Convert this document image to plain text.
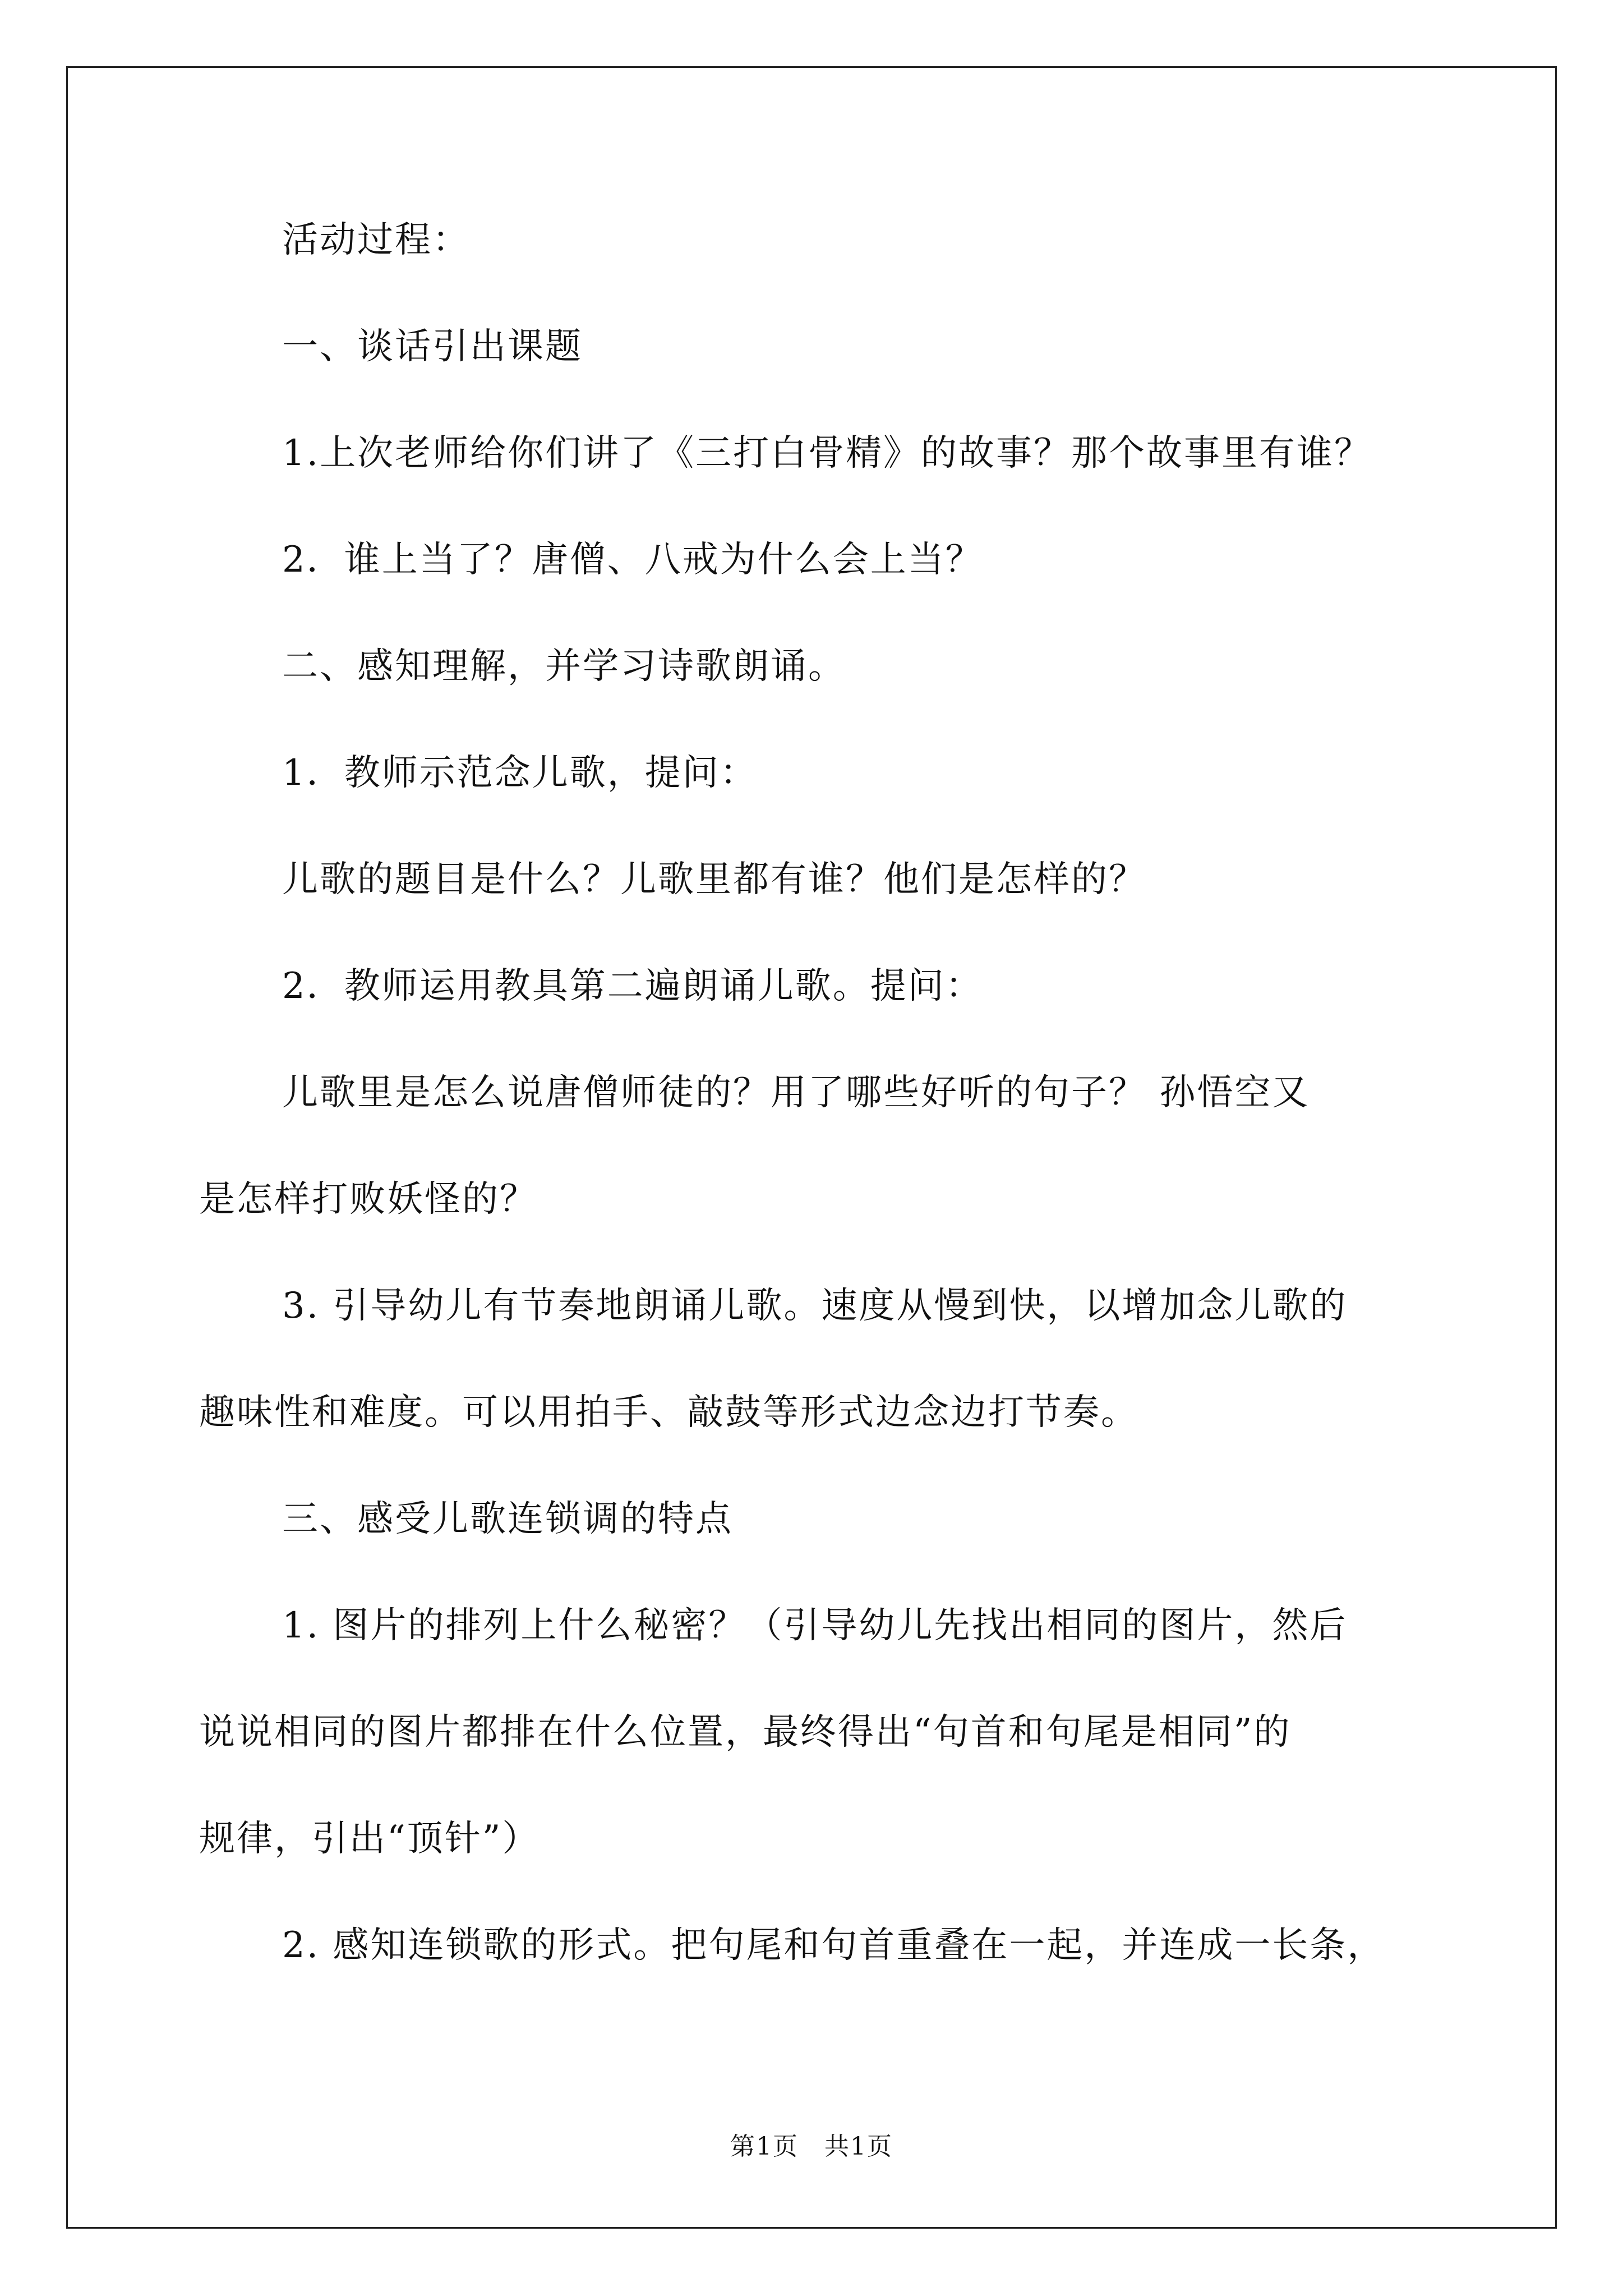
活动过程：

一、谈话引出课题

1.上次老师给你们讲了《三打白骨精》的故事？那个故事里有谁？

2．谁上当了？唐僧、八戒为什么会上当？

二、感知理解，并学习诗歌朗诵。

1．教师示范念儿歌，提问：

儿歌的题目是什么？儿歌里都有谁？他们是怎样的？

2．教师运用教具第二遍朗诵儿歌。提问：

儿歌里是怎么说唐僧师徒的？用了哪些好听的句子？ 孙悟空又
是怎样打败妖怪的？

3. 引导幼儿有节奏地朗诵儿歌。速度从慢到快，以增加念儿歌的
趣味性和难度。可以用拍手、敲鼓等形式边念边打节奏。

三、感受儿歌连锁调的特点

1. 图片的排列上什么秘密？（引导幼儿先找出相同的图片，然后
说说相同的图片都排在什么位置，最终得出“句首和句尾是相同”的
规律，引出“顶针”）

2. 感知连锁歌的形式。把句尾和句首重叠在一起，并连成一长条，

第1页　共1页
